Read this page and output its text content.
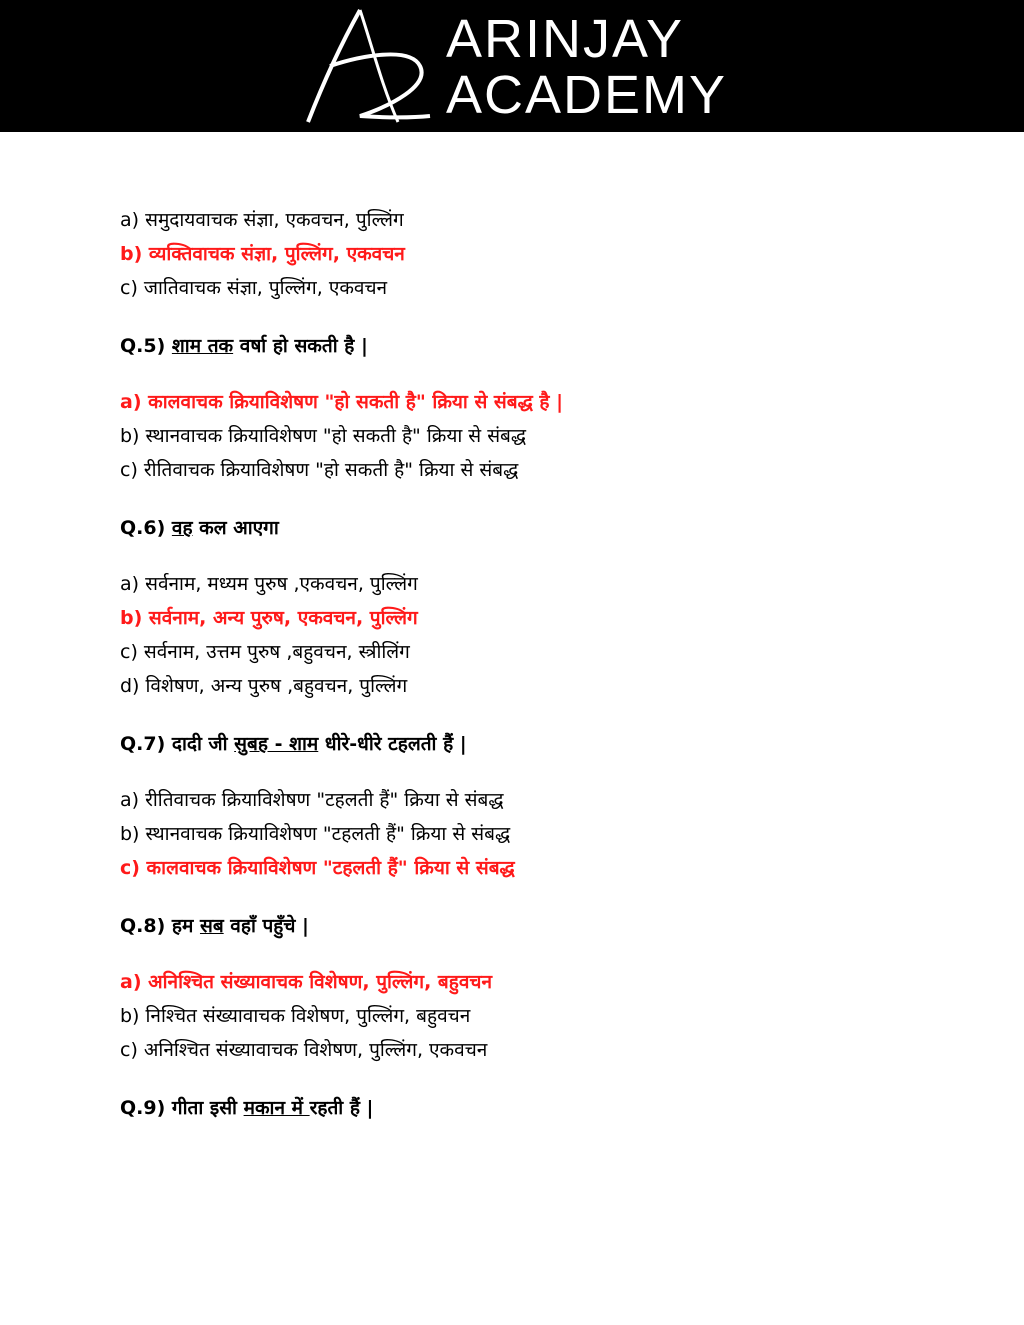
ARINJAY
ACADEMY
a) समुदायवाचक संज्ञा, एकवचन, पुल्लिंग
b) व्यक्तिवाचक संज्ञा, पुल्लिंग, एकवचन
c) जातिवाचक संज्ञा, पुल्लिंग, एकवचन
Q.5) शाम तक वर्षा हो सकती है |
a) कालवाचक क्रियाविशेषण "हो सकती है" क्रिया से संबद्ध है |
b) स्थानवाचक क्रियाविशेषण "हो सकती है" क्रिया से संबद्ध
c) रीतिवाचक क्रियाविशेषण "हो सकती है" क्रिया से संबद्ध
Q.6) वह कल आएगा
a) सर्वनाम, मध्यम पुरुष ,एकवचन, पुल्लिंग
b) सर्वनाम, अन्य पुरुष, एकवचन, पुल्लिंग
c) सर्वनाम, उत्तम पुरुष ,बहुवचन, स्त्रीलिंग
d) विशेषण, अन्य पुरुष ,बहुवचन, पुल्लिंग
Q.7) दादी जी सुबह - शाम धीरे-धीरे टहलती हैं |
a) रीतिवाचक क्रियाविशेषण "टहलती हैं" क्रिया से संबद्ध
b) स्थानवाचक क्रियाविशेषण "टहलती हैं" क्रिया से संबद्ध
c) कालवाचक क्रियाविशेषण "टहलती हैं" क्रिया से संबद्ध
Q.8) हम सब वहाँ पहुँचे |
a) अनिश्चित संख्यावाचक विशेषण, पुल्लिंग, बहुवचन
b) निश्चित संख्यावाचक विशेषण, पुल्लिंग, बहुवचन
c) अनिश्चित संख्यावाचक विशेषण, पुल्लिंग, एकवचन
Q.9) गीता इसी मकान में रहती हैं |
